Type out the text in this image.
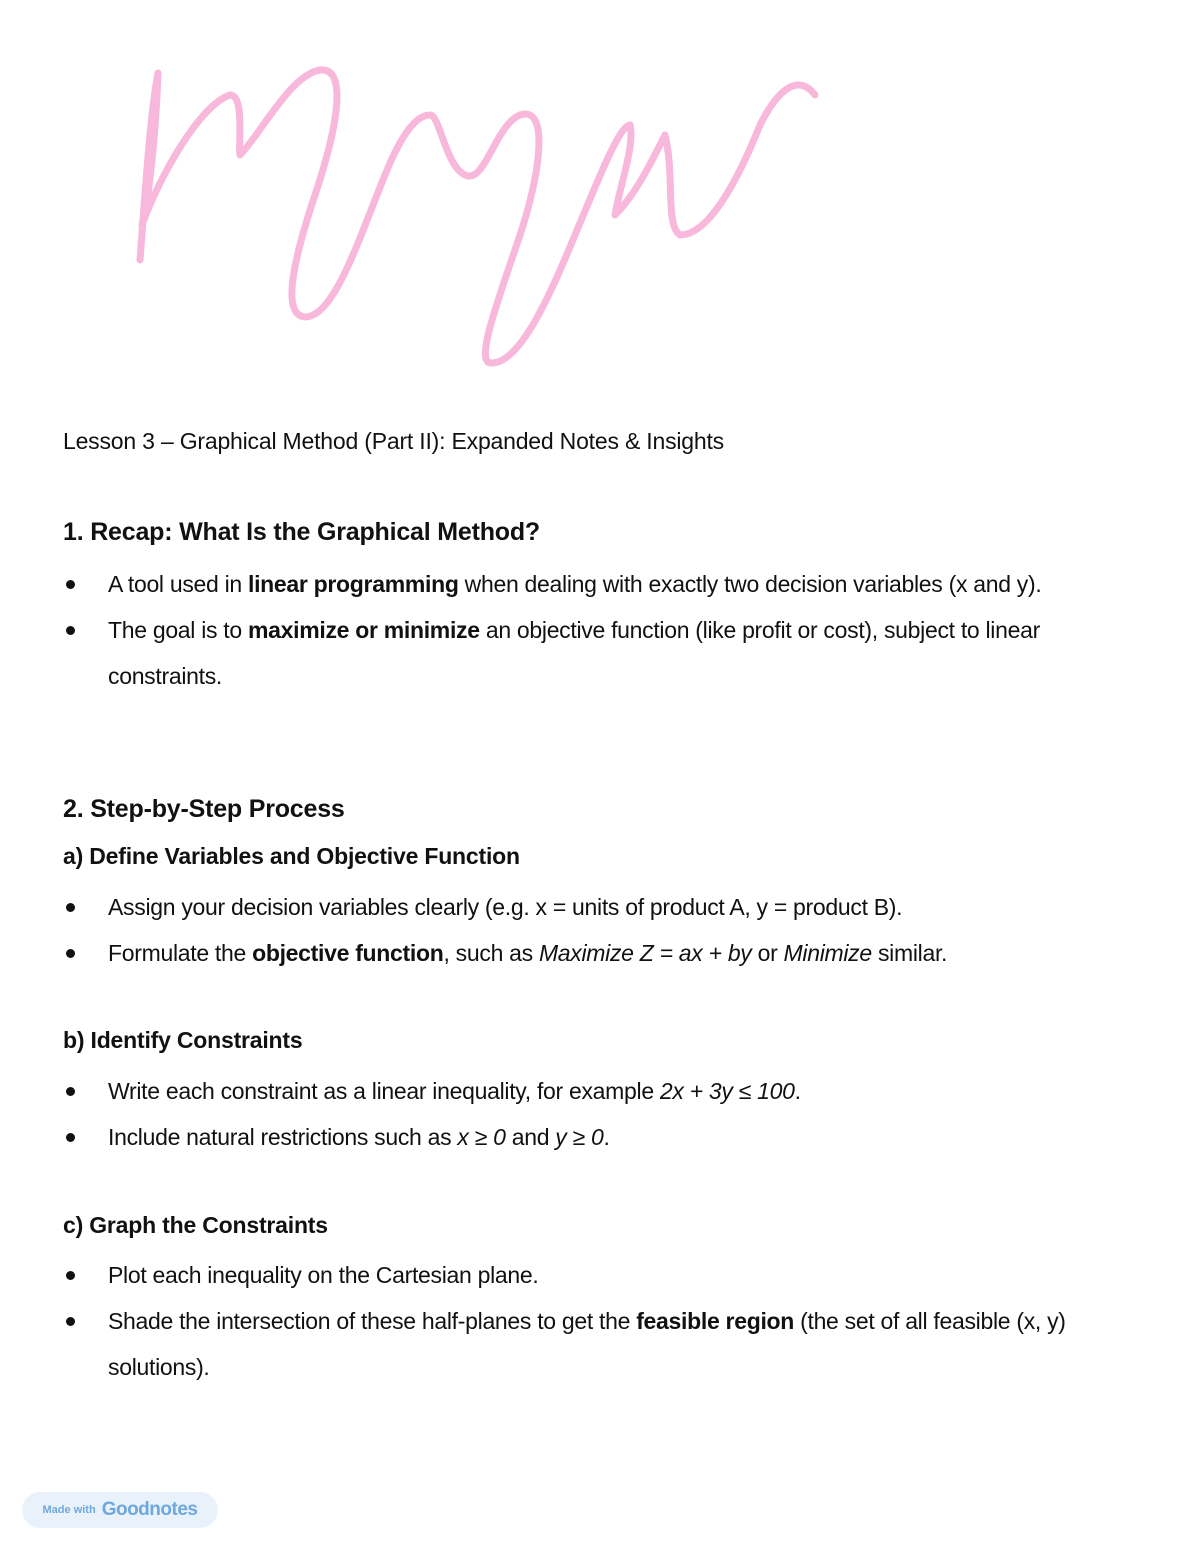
Lesson 3 – Graphical Method (Part II): Expanded Notes & Insights
1. Recap: What Is the Graphical Method?
A tool used in linear programming when dealing with exactly two decision variables (x and y).
The goal is to maximize or minimize an objective function (like profit or cost), subject to linear constraints.
2. Step-by-Step Process
a) Define Variables and Objective Function
Assign your decision variables clearly (e.g. x = units of product A, y = product B).
Formulate the objective function, such as Maximize Z = ax + by or Minimize similar.
b) Identify Constraints
Write each constraint as a linear inequality, for example 2x + 3y ≤ 100.
Include natural restrictions such as x ≥ 0 and y ≥ 0.
c) Graph the Constraints
Plot each inequality on the Cartesian plane.
Shade the intersection of these half-planes to get the feasible region (the set of all feasible (x, y) solutions).
Made with Goodnotes
